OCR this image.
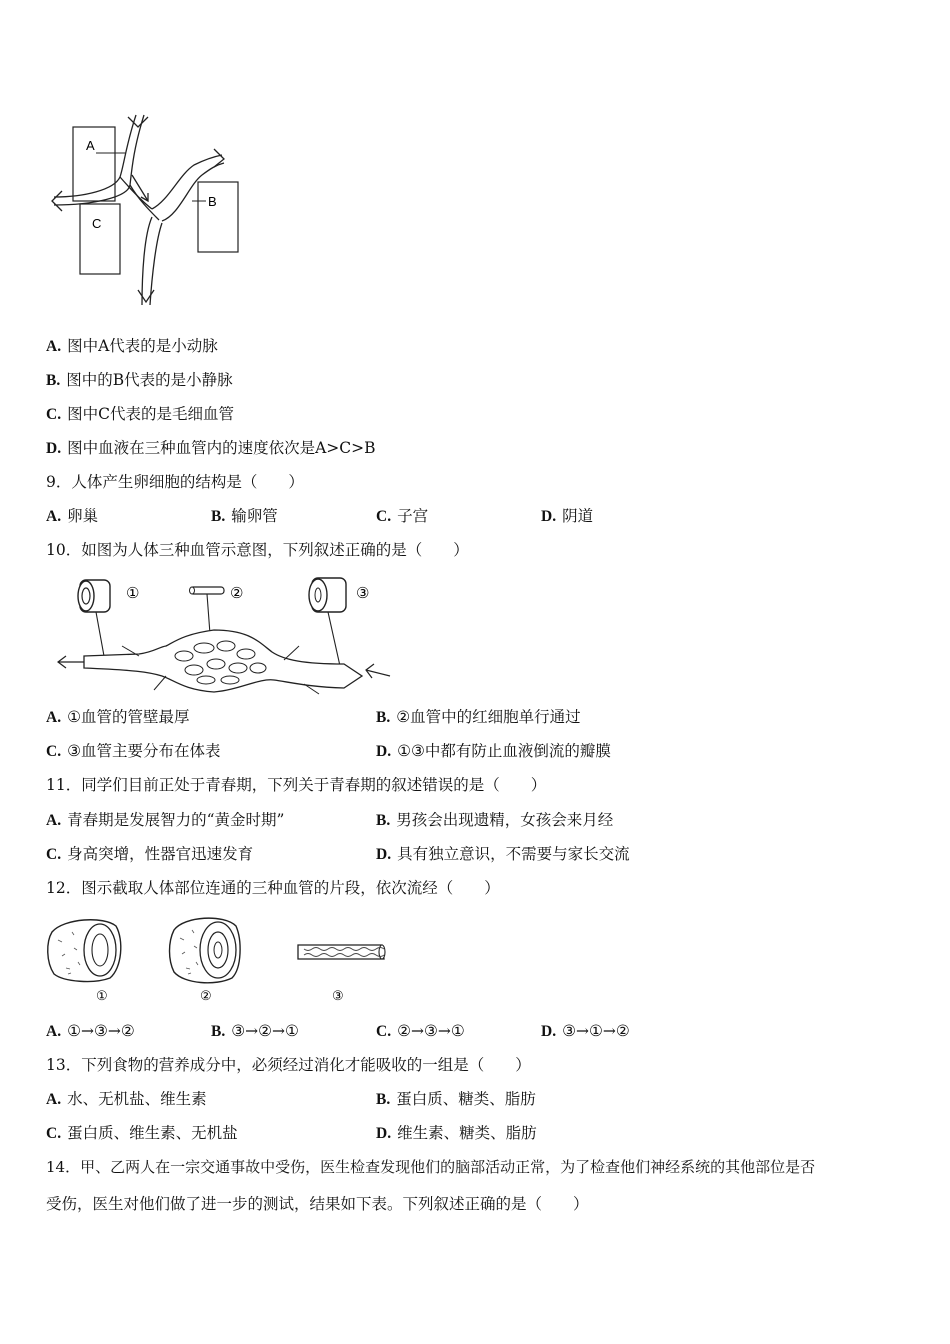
A
C
B
A. 图中A代表的是小动脉
B. 图中的B代表的是小静脉
C. 图中C代表的是毛细血管
D. 图中血液在三种血管内的速度依次是A>C>B
9．人体产生卵细胞的结构是（　　）
A. 卵巢	B. 输卵管	C. 子宫	D. 阴道
10．如图为人体三种血管示意图，下列叙述正确的是（　　）
①	②	③
A. ①血管的管壁最厚	B. ②血管中的红细胞单行通过
C. ③血管主要分布在体表	D. ①③中都有防止血液倒流的瓣膜
11．同学们目前正处于青春期，下列关于青春期的叙述错误的是（　　）
A. 青春期是发展智力的“黄金时期”	B. 男孩会出现遗精，女孩会来月经
C. 身高突增，性器官迅速发育	D. 具有独立意识，不需要与家长交流
12．图示截取人体部位连通的三种血管的片段，依次流经（　　）
①	②	③
A. ①→③→②	B. ③→②→①	C. ②→③→①	D. ③→①→②
13．下列食物的营养成分中，必须经过消化才能吸收的一组是（　　）
A. 水、无机盐、维生素	B. 蛋白质、糖类、脂肪
C. 蛋白质、维生素、无机盐	D. 维生素、糖类、脂肪
14．甲、乙两人在一宗交通事故中受伤，医生检查发现他们的脑部活动正常，为了检查他们神经系统的其他部位是否
受伤，医生对他们做了进一步的测试，结果如下表。下列叙述正确的是（　　）
